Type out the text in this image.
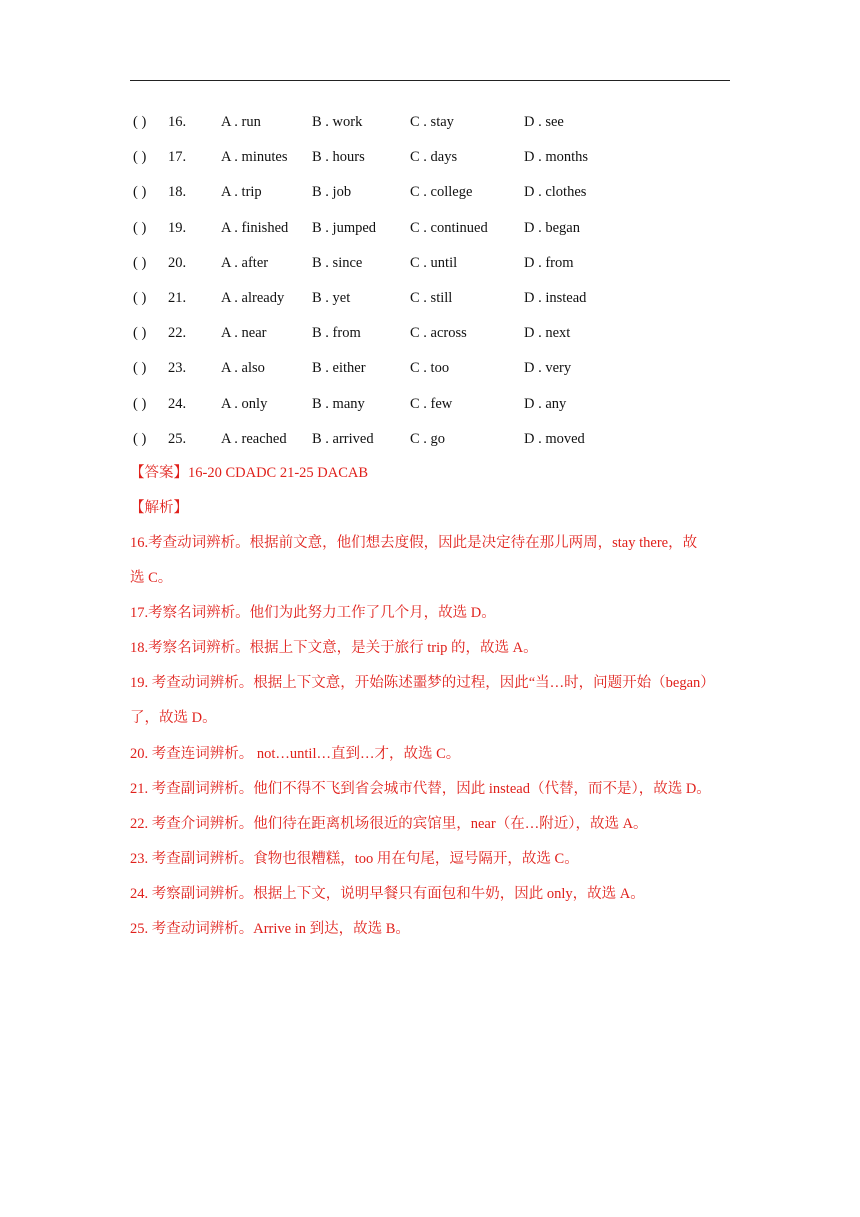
( ) 16. A . run	B . work	C . stay	D . see
( ) 17. A . minutes B . hours	C . days	D . months
( ) 18. A . trip	B . job	C . college	D . clothes
( ) 19. A . finished B . jumped C . continued	D . began
( ) 20. A . after	B . since	C . until	D . from
( ) 21. A . already B . yet	C . still	D . instead
( ) 22. A . near	B . from	C . across	D . next
( ) 23. A . also	B . either	C . too	D . very
( ) 24. A . only	B . many	C . few	D . any
( ) 25. A . reached B . arrived	C . go	D . moved
【答案】16-20 CDADC 21-25 DACAB
【解析】
16.考查动词辨析。根据前文意，他们想去度假，因此是决定待在那儿两周，stay there，故
选 C。
17.考察名词辨析。他们为此努力工作了几个月，故选 D。
18.考察名词辨析。根据上下文意，是关于旅行 trip 的，故选 A。
19. 考查动词辨析。根据上下文意，开始陈述噩梦的过程，因此“当…时，问题开始（began）
了，故选 D。
20. 考查连词辨析。 not…until…直到…才，故选 C。
21. 考查副词辨析。他们不得不飞到省会城市代替，因此 instead（代替，而不是），故选 D。
22. 考查介词辨析。他们待在距离机场很近的宾馆里，near（在…附近），故选 A。
23. 考查副词辨析。食物也很糟糕，too 用在句尾，逗号隔开，故选 C。
24. 考察副词辨析。根据上下文，说明早餐只有面包和牛奶，因此 only，故选 A。
25. 考查动词辨析。Arrive in 到达，故选 B。
